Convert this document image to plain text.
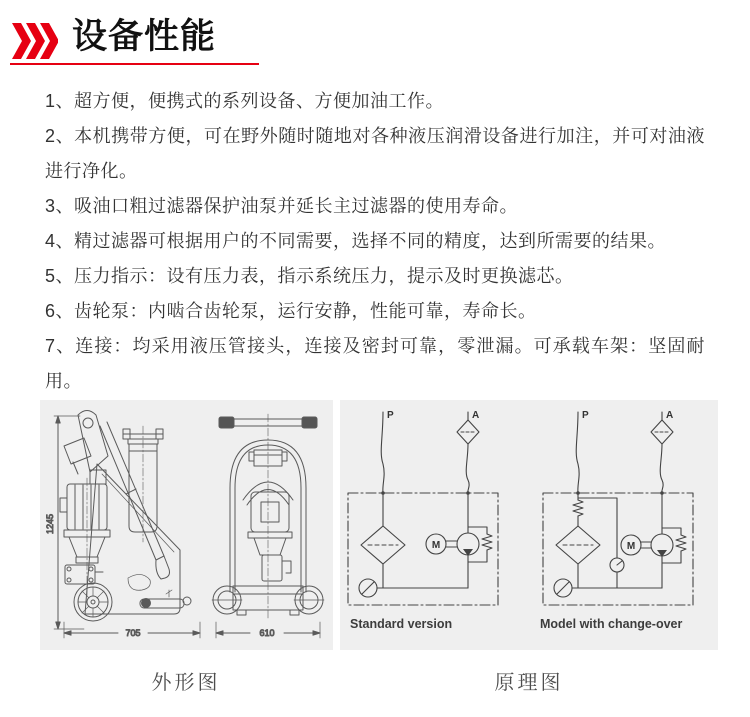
设备性能

1、超方便，便携式的系列设备、方便加油工作。

2、本机携带方便，可在野外随时随地对各种液压润滑设备进行加注，并可对油液进行净化。

3、吸油口粗过滤器保护油泵并延长主过滤器的使用寿命。

4、精过滤器可根据用户的不同需要，选择不同的精度，达到所需要的结果。

5、压力指示：设有压力表，指示系统压力，提示及时更换滤芯。

6、齿轮泵：内啮合齿轮泵，运行安静，性能可靠，寿命长。

7、连接：均采用液压管接头，连接及密封可靠，零泄漏。可承载车架：坚固耐用。

1245
705	610
P	A
M
Standard version
P	A
M
Model with change-over
外形图	原理图
